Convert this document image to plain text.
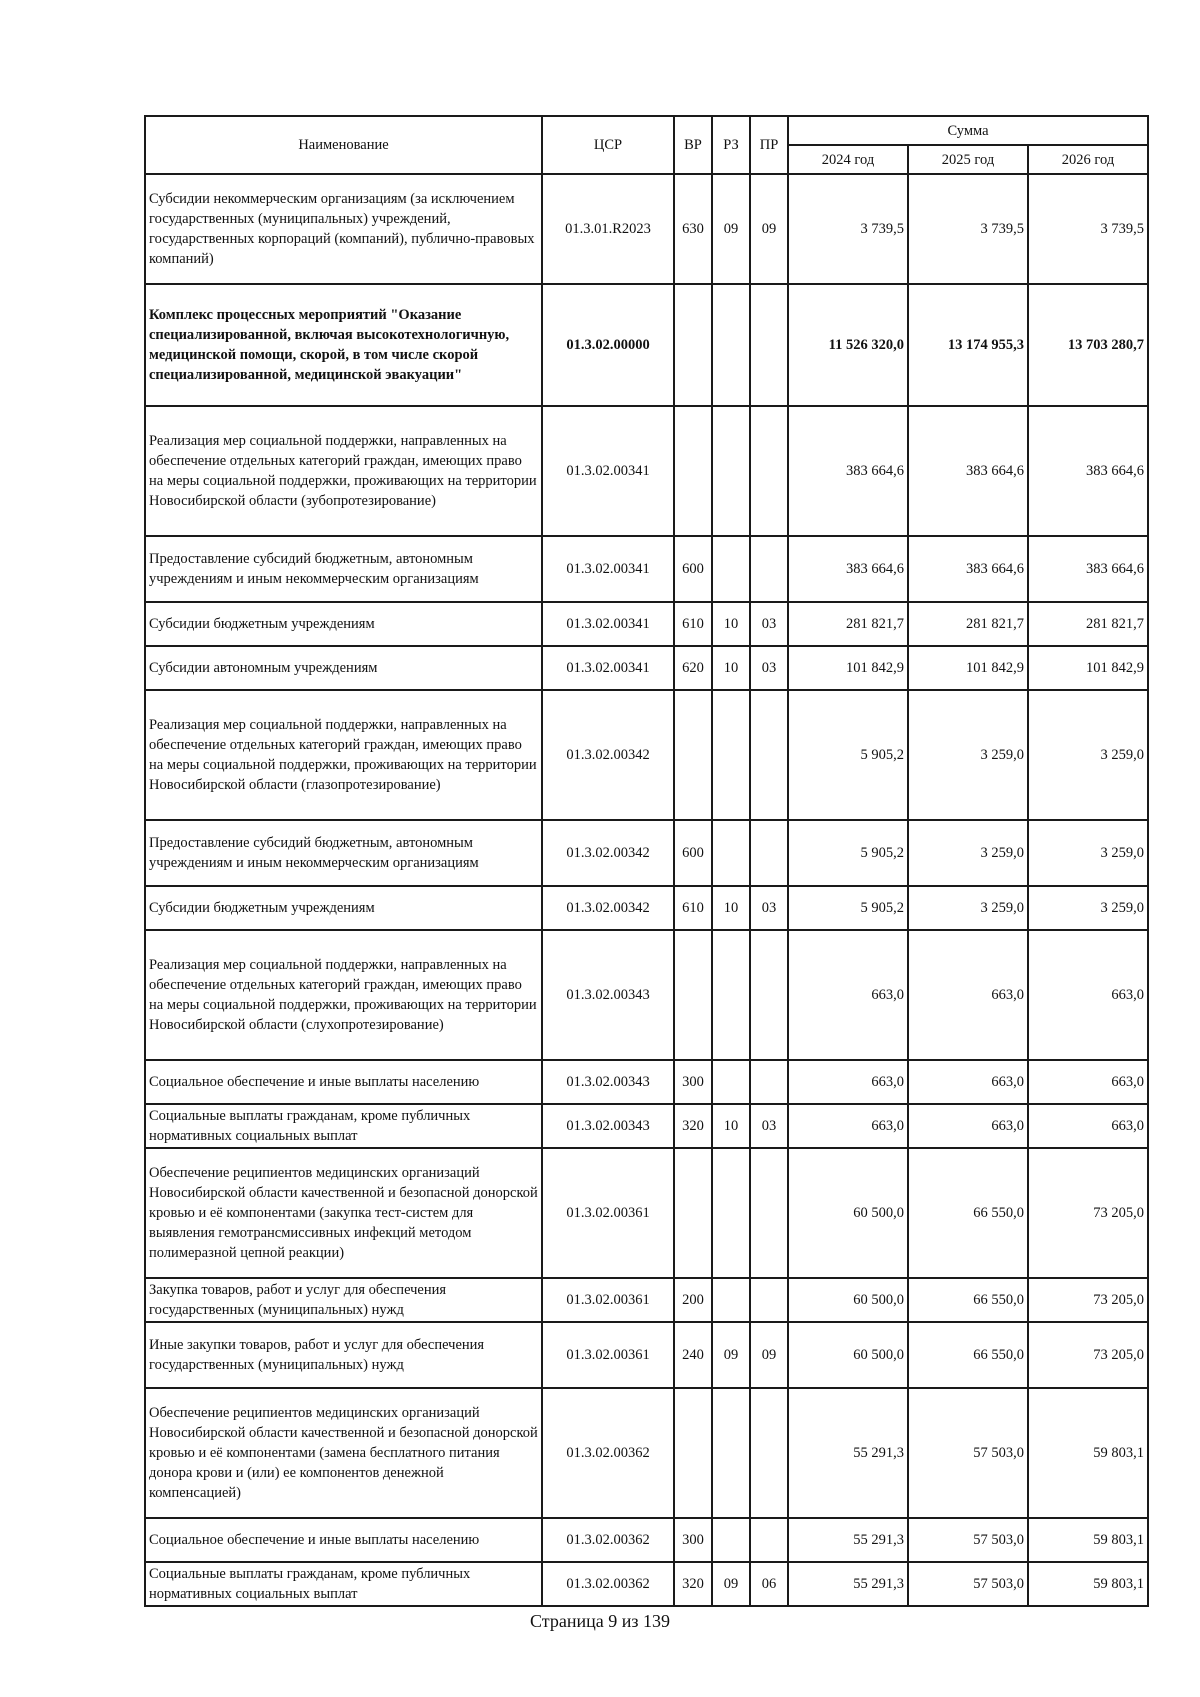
Наименование	ЦСР	ВР	РЗ	ПР	Сумма		
					2024 год	2025 год	2026 год
Субсидии некоммерческим организациям (за исключением государственных (муниципальных) учреждений, государственных корпораций (компаний), публично-правовых компаний)	01.3.01.R2023	630	09	09	3 739,5	3 739,5	3 739,5
Комплекс процессных мероприятий "Оказание специализированной, включая высокотехнологичную, медицинской помощи, скорой, в том числе скорой специализированной, медицинской эвакуации"	01.3.02.00000				11 526 320,0	13 174 955,3	13 703 280,7
Реализация мер социальной поддержки, направленных на обеспечение отдельных категорий граждан, имеющих право на меры социальной поддержки, проживающих на территории Новосибирской области (зубопротезирование)	01.3.02.00341				383 664,6	383 664,6	383 664,6
Предоставление субсидий бюджетным, автономным учреждениям и иным некоммерческим организациям	01.3.02.00341	600			383 664,6	383 664,6	383 664,6
Субсидии бюджетным учреждениям	01.3.02.00341	610	10	03	281 821,7	281 821,7	281 821,7
Субсидии автономным учреждениям	01.3.02.00341	620	10	03	101 842,9	101 842,9	101 842,9
Реализация мер социальной поддержки, направленных на обеспечение отдельных категорий граждан, имеющих право на меры социальной поддержки, проживающих на территории Новосибирской области (глазопротезирование)	01.3.02.00342				5 905,2	3 259,0	3 259,0
Предоставление субсидий бюджетным, автономным учреждениям и иным некоммерческим организациям	01.3.02.00342	600			5 905,2	3 259,0	3 259,0
Субсидии бюджетным учреждениям	01.3.02.00342	610	10	03	5 905,2	3 259,0	3 259,0
Реализация мер социальной поддержки, направленных на обеспечение отдельных категорий граждан, имеющих право на меры социальной поддержки, проживающих на территории Новосибирской области (слухопротезирование)	01.3.02.00343				663,0	663,0	663,0
Социальное обеспечение и иные выплаты населению	01.3.02.00343	300			663,0	663,0	663,0
Социальные выплаты гражданам, кроме публичных нормативных социальных выплат	01.3.02.00343	320	10	03	663,0	663,0	663,0
Обеспечение реципиентов медицинских организаций Новосибирской области качественной и безопасной донорской кровью и её компонентами (закупка тест-систем для выявления гемотрансмиссивных инфекций методом полимеразной цепной реакции)	01.3.02.00361				60 500,0	66 550,0	73 205,0
Закупка товаров, работ и услуг для обеспечения государственных (муниципальных) нужд	01.3.02.00361	200			60 500,0	66 550,0	73 205,0
Иные закупки товаров, работ и услуг для обеспечения государственных (муниципальных) нужд	01.3.02.00361	240	09	09	60 500,0	66 550,0	73 205,0
Обеспечение реципиентов медицинских организаций Новосибирской области качественной и безопасной донорской кровью и её компонентами (замена бесплатного питания донора крови и (или) ее компонентов денежной компенсацией)	01.3.02.00362				55 291,3	57 503,0	59 803,1
Социальное обеспечение и иные выплаты населению	01.3.02.00362	300			55 291,3	57 503,0	59 803,1
Социальные выплаты гражданам, кроме публичных нормативных социальных выплат	01.3.02.00362	320	09	06	55 291,3	57 503,0	59 803,1
Страница 9 из 139
